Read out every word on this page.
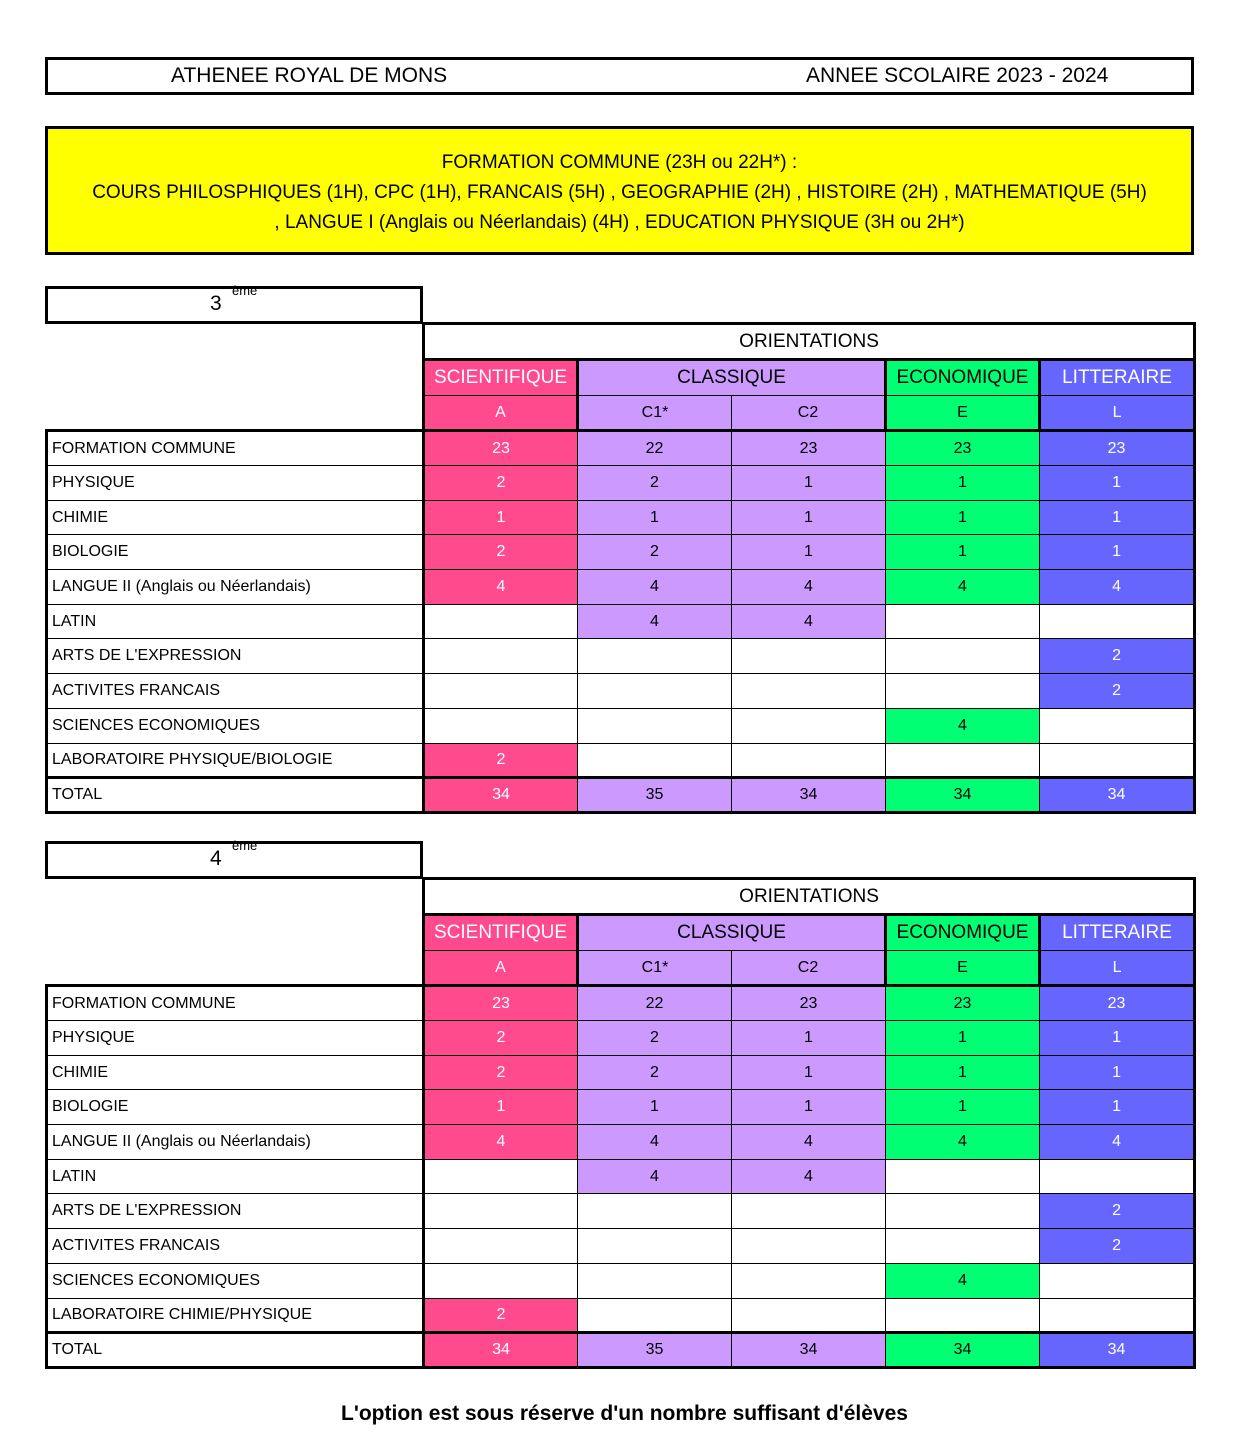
ATHENEE ROYAL DE MONS	ANNEE SCOLAIRE 2023 - 2024
FORMATION COMMUNE (23H ou 22H*) :
COURS PHILOSPHIQUES (1H), CPC (1H), FRANCAIS (5H) , GEOGRAPHIE (2H) , HISTOIRE (2H) , MATHEMATIQUE (5H)
, LANGUE I (Anglais ou Néerlandais) (4H) , EDUCATION PHYSIQUE (3H ou 2H*)
3
ème
	ORIENTATIONS				
	SCIENTIFIQUE	CLASSIQUE		ECONOMIQUE	LITTERAIRE
	A	C1*	C2	E	L
FORMATION COMMUNE	23	22	23	23	23
PHYSIQUE	2	2	1	1	1
CHIMIE	1	1	1	1	1
BIOLOGIE	2	2	1	1	1
LANGUE II (Anglais ou Néerlandais)	4	4	4	4	4
LATIN		4	4		
ARTS DE L'EXPRESSION					2
ACTIVITES FRANCAIS					2
SCIENCES ECONOMIQUES				4	
LABORATOIRE PHYSIQUE/BIOLOGIE	2				
TOTAL	34	35	34	34	34
4
ème
	ORIENTATIONS				
	SCIENTIFIQUE	CLASSIQUE		ECONOMIQUE	LITTERAIRE
	A	C1*	C2	E	L
FORMATION COMMUNE	23	22	23	23	23
PHYSIQUE	2	2	1	1	1
CHIMIE	2	2	1	1	1
BIOLOGIE	1	1	1	1	1
LANGUE II (Anglais ou Néerlandais)	4	4	4	4	4
LATIN		4	4		
ARTS DE L'EXPRESSION					2
ACTIVITES FRANCAIS					2
SCIENCES ECONOMIQUES				4	
LABORATOIRE CHIMIE/PHYSIQUE	2				
TOTAL	34	35	34	34	34
L'option est sous réserve d'un nombre suffisant d'élèves
